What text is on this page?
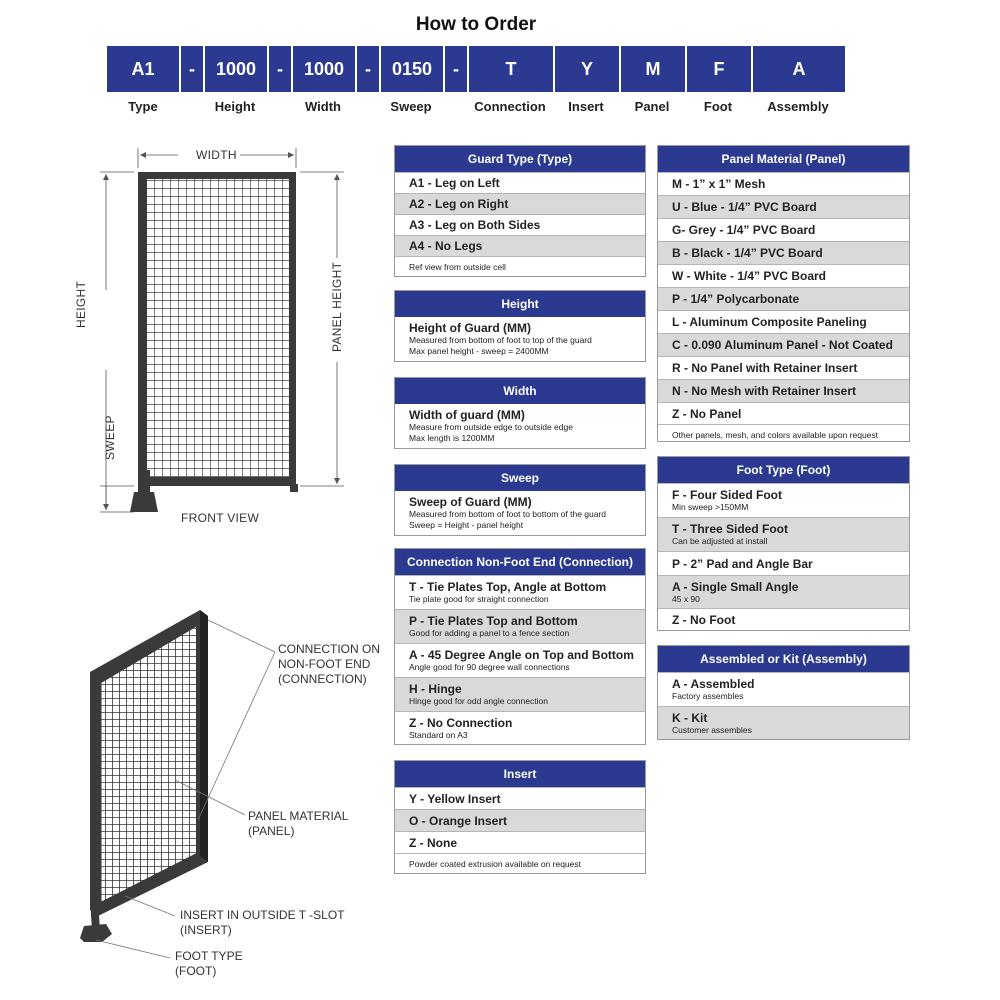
How to Order
A1	-	1000	-	1000	-	0150	-	T	Y	M	F	A
Type	Height	Width	Sweep	Connection	Insert	Panel	Foot	Assembly
WIDTH
HEIGHT	PANEL HEIGHT
SWEEP
FRONT VIEW
CONNECTION ON
NON-FOOT END
(CONNECTION)
PANEL MATERIAL
(PANEL)
INSERT IN OUTSIDE T -SLOT
(INSERT)
FOOT TYPE
(FOOT)
Guard Type (Type)
A1 - Leg on Left
A2 - Leg on Right
A3 - Leg on Both Sides
A4 - No Legs
Ref view from outside cell
Height
Height of Guard (MM)
Measured from bottom of foot to top of the guard
Max panel height - sweep = 2400MM
Width
Width of guard (MM)
Measure from outside edge to outside edge
Max length is 1200MM
Sweep
Sweep of Guard (MM)
Measured from bottom of foot to bottom of the guard
Sweep = Height - panel height
Connection Non-Foot End (Connection)
T - Tie Plates Top, Angle at Bottom
Tie plate good for straight connection
P - Tie Plates Top and Bottom
Good for adding a panel to a fence section
A - 45 Degree Angle on Top and Bottom
Angle good for 90 degree wall connections
H - Hinge
Hinge good for odd angle connection
Z - No Connection
Standard on A3
Insert
Y - Yellow Insert
O - Orange Insert
Z - None
Powder coated extrusion available on request
Panel Material (Panel)
M - 1” x 1” Mesh
U - Blue - 1/4” PVC Board
G- Grey - 1/4” PVC Board
B - Black - 1/4” PVC Board
W - White - 1/4” PVC Board
P - 1/4” Polycarbonate
L - Aluminum Composite Paneling
C - 0.090 Aluminum Panel - Not Coated
R - No Panel with Retainer Insert
N - No Mesh with Retainer Insert
Z - No Panel
Other panels, mesh, and colors available upon request
Foot Type (Foot)
F - Four Sided Foot
Min sweep >150MM
T - Three Sided Foot
Can be adjusted at install
P - 2” Pad and Angle Bar
A - Single Small Angle
45 x 90
Z - No Foot
Assembled or Kit (Assembly)
A - Assembled
Factory assembles
K - Kit
Customer assembles
